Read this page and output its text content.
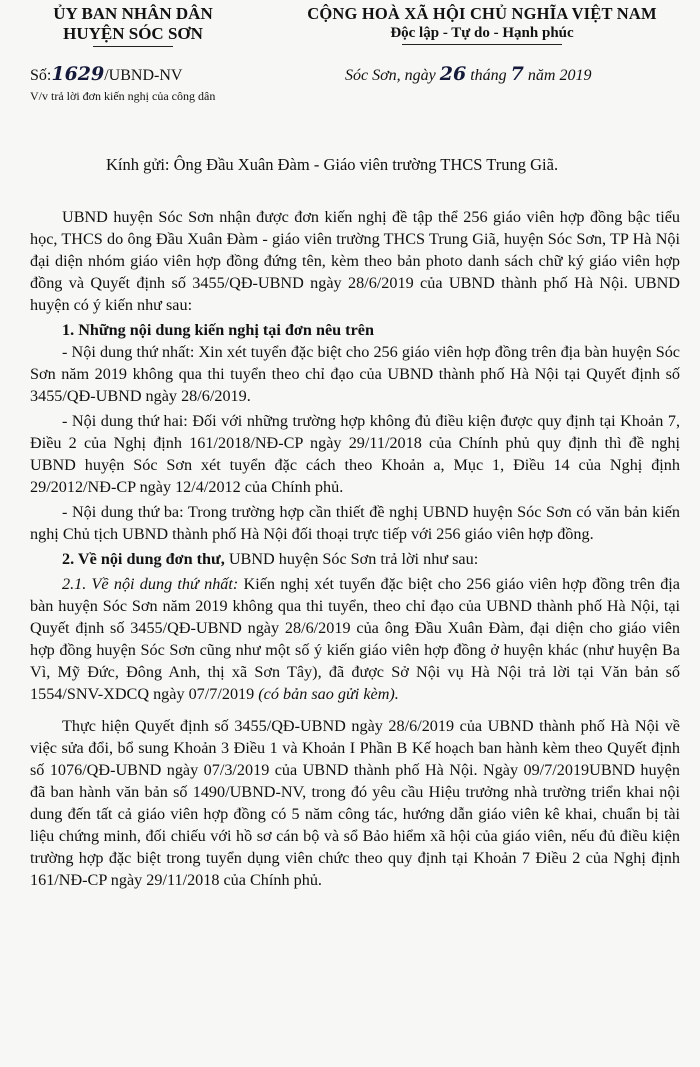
ỦY BAN NHÂN DÂN
HUYỆN SÓC SƠN
CỘNG HOÀ XÃ HỘI CHỦ NGHĨA VIỆT NAM
Độc lập - Tự do - Hạnh phúc
Số:1629/UBND-NV	Sóc Sơn, ngày 26 tháng 7 năm 2019
V/v trả lời đơn kiến nghị của công dân
Kính gửi: Ông Đầu Xuân Đàm - Giáo viên trường THCS Trung Giã.

UBND huyện Sóc Sơn nhận được đơn kiến nghị đề tập thể 256 giáo viên hợp đồng bậc tiểu học, THCS do ông Đầu Xuân Đàm - giáo viên trường THCS Trung Giã, huyện Sóc Sơn, TP Hà Nội đại diện nhóm giáo viên hợp đồng đứng tên, kèm theo bản photo danh sách chữ ký giáo viên hợp đồng và Quyết định số 3455/QĐ-UBND ngày 28/6/2019 của UBND thành phố Hà Nội. UBND huyện có ý kiến như sau:

1. Những nội dung kiến nghị tại đơn nêu trên

- Nội dung thứ nhất: Xin xét tuyển đặc biệt cho 256 giáo viên hợp đồng trên địa bàn huyện Sóc Sơn năm 2019 không qua thi tuyển theo chỉ đạo của UBND thành phố Hà Nội tại Quyết định số 3455/QĐ-UBND ngày 28/6/2019.

- Nội dung thứ hai: Đối với những trường hợp không đủ điều kiện được quy định tại Khoản 7, Điều 2 của Nghị định 161/2018/NĐ-CP ngày 29/11/2018 của Chính phủ quy định thì đề nghị UBND huyện Sóc Sơn xét tuyển đặc cách theo Khoản a, Mục 1, Điều 14 của Nghị định 29/2012/NĐ-CP ngày 12/4/2012 của Chính phủ.

- Nội dung thứ ba: Trong trường hợp cần thiết đề nghị UBND huyện Sóc Sơn có văn bản kiến nghị Chủ tịch UBND thành phố Hà Nội đối thoại trực tiếp với 256 giáo viên hợp đồng.

2. Về nội dung đơn thư, UBND huyện Sóc Sơn trả lời như sau:

2.1. Về nội dung thứ nhất: Kiến nghị xét tuyển đặc biệt cho 256 giáo viên hợp đồng trên địa bàn huyện Sóc Sơn năm 2019 không qua thi tuyển, theo chỉ đạo của UBND thành phố Hà Nội, tại Quyết định số 3455/QĐ-UBND ngày 28/6/2019 của ông Đầu Xuân Đàm, đại diện cho giáo viên hợp đồng huyện Sóc Sơn cũng như một số ý kiến giáo viên hợp đồng ở huyện khác (như huyện Ba Vì, Mỹ Đức, Đông Anh, thị xã Sơn Tây), đã được Sở Nội vụ Hà Nội trả lời tại Văn bản số 1554/SNV-XDCQ ngày 07/7/2019 (có bản sao gửi kèm).

Thực hiện Quyết định số 3455/QĐ-UBND ngày 28/6/2019 của UBND thành phố Hà Nội về việc sửa đổi, bổ sung Khoản 3 Điều 1 và Khoản I Phần B Kế hoạch ban hành kèm theo Quyết định số 1076/QĐ-UBND ngày 07/3/2019 của UBND thành phố Hà Nội. Ngày 09/7/2019UBND huyện đã ban hành văn bản số 1490/UBND-NV, trong đó yêu cầu Hiệu trưởng nhà trường triển khai nội dung đến tất cả giáo viên hợp đồng có 5 năm công tác, hướng dẫn giáo viên kê khai, chuẩn bị tài liệu chứng minh, đối chiếu với hồ sơ cán bộ và sổ Bảo hiểm xã hội của giáo viên, nếu đủ điều kiện trường hợp đặc biệt trong tuyển dụng viên chức theo quy định tại Khoản 7 Điều 2 của Nghị định 161/NĐ-CP ngày 29/11/2018 của Chính phủ.
